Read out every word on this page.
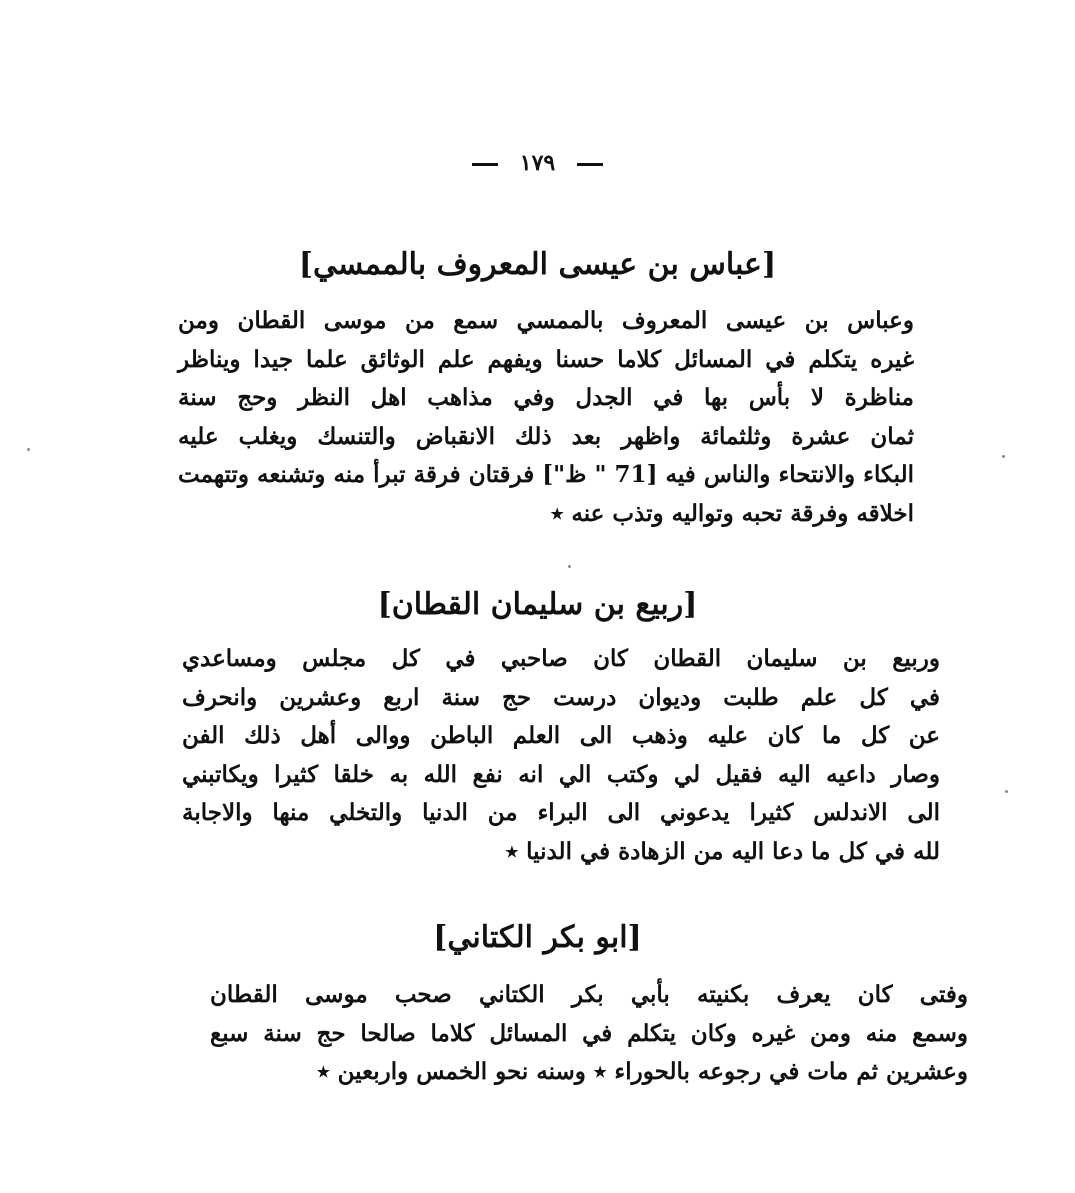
١٧٩
[عباس بن عيسى المعروف بالممسي]
وعباس بن عيسى المعروف بالممسي سمع من موسى القطان ومن
غيره يتكلم في المسائل كلاما حسنا ويفهم علم الوثائق علما جيدا ويناظر
مناظرة لا بأس بها في الجدل وفي مذاهب اهل النظر وحج سنة
ثمان عشرة وثلثمائة واظهر بعد ذلك الانقباض والتنسك ويغلب عليه
البكاء والانتحاء والناس فيه [‎" 71 ظ"‎] فرقتان فرقة تبرأ منه وتشنعه وتتهمت
اخلاقه وفرقة تحبه وتواليه وتذب عنه ٭
[ربيع بن سليمان القطان]
وربيع بن سليمان القطان كان صاحبي في كل مجلس ومساعدي
في كل علم طلبت وديوان درست حج سنة اربع وعشرين وانحرف
عن كل ما كان عليه وذهب الى العلم الباطن ووالى أهل ذلك الفن
وصار داعيه اليه فقيل لي وكتب الي انه نفع الله به خلقا كثيرا ويكاتبني
الى الاندلس كثيرا يدعوني الى البراء من الدنيا والتخلي منها والاجابة
لله في كل ما دعا اليه من الزهادة في الدنيا ٭
[ابو بكر الكتاني]
وفتى كان يعرف بكنيته بأبي بكر الكتاني صحب موسى القطان
وسمع منه ومن غيره وكان يتكلم في المسائل كلاما صالحا حج سنة سبع
وعشرين ثم مات في رجوعه بالحوراء ٭ وسنه نحو الخمس واربعين ٭
